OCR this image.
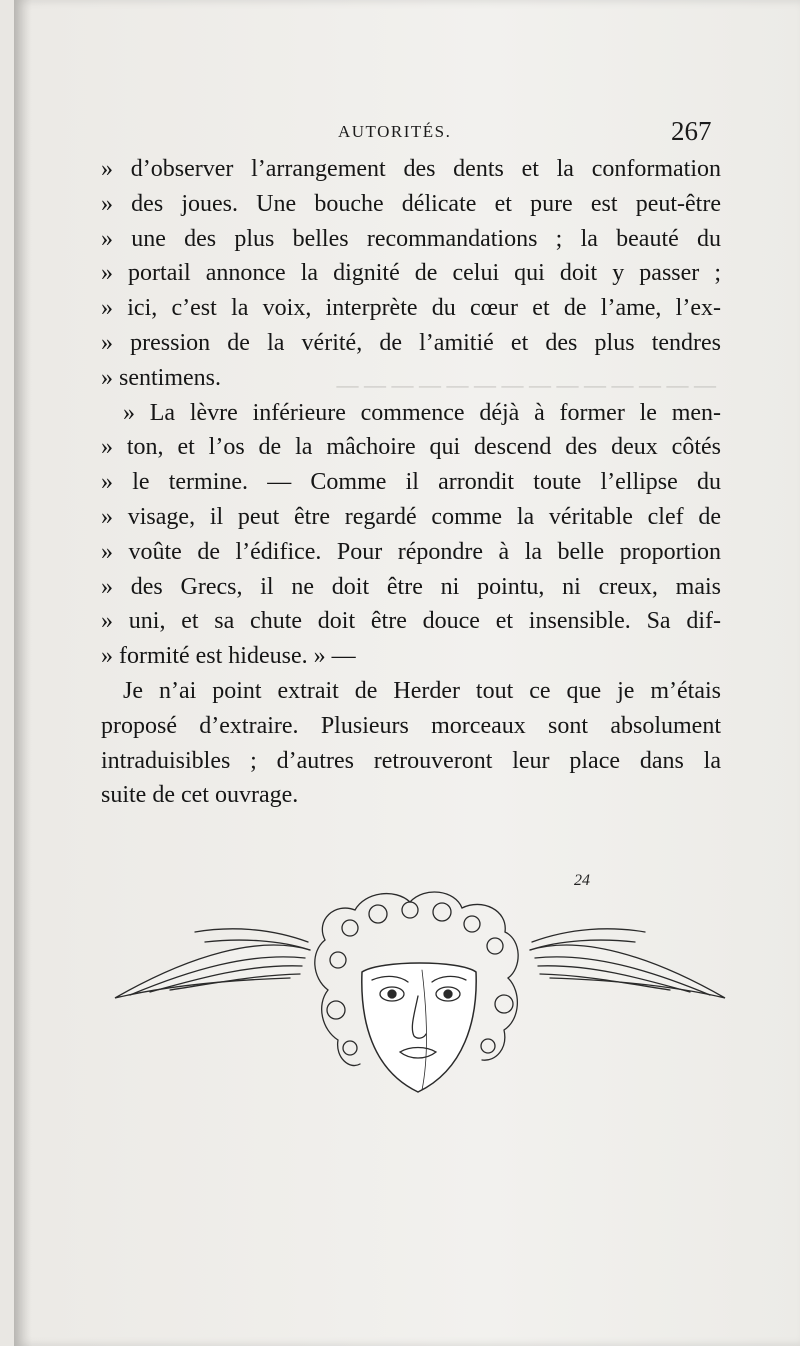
— — — — — — — — — — — — — —
AUTORITÉS.	267
» d’observer l’arrangement des dents et la conformation
» des joues. Une bouche délicate et pure est peut-être
» une des plus belles recommandations ; la beauté du
» portail annonce la dignité de celui qui doit y passer ;
» ici, c’est la voix, interprète du cœur et de l’ame, l’ex-
» pression de la vérité, de l’amitié et des plus tendres
» sentimens.
» La lèvre inférieure commence déjà à former le men-
» ton, et l’os de la mâchoire qui descend des deux côtés
» le termine. — Comme il arrondit toute l’ellipse du
» visage, il peut être regardé comme la véritable clef de
» voûte de l’édifice. Pour répondre à la belle proportion
» des Grecs, il ne doit être ni pointu, ni creux, mais
» uni, et sa chute doit être douce et insensible. Sa dif-
» formité est hideuse. » —
Je n’ai point extrait de Herder tout ce que je m’étais
proposé d’extraire. Plusieurs morceaux sont absolument
intraduisibles ; d’autres retrouveront leur place dans la
suite de cet ouvrage.
24
